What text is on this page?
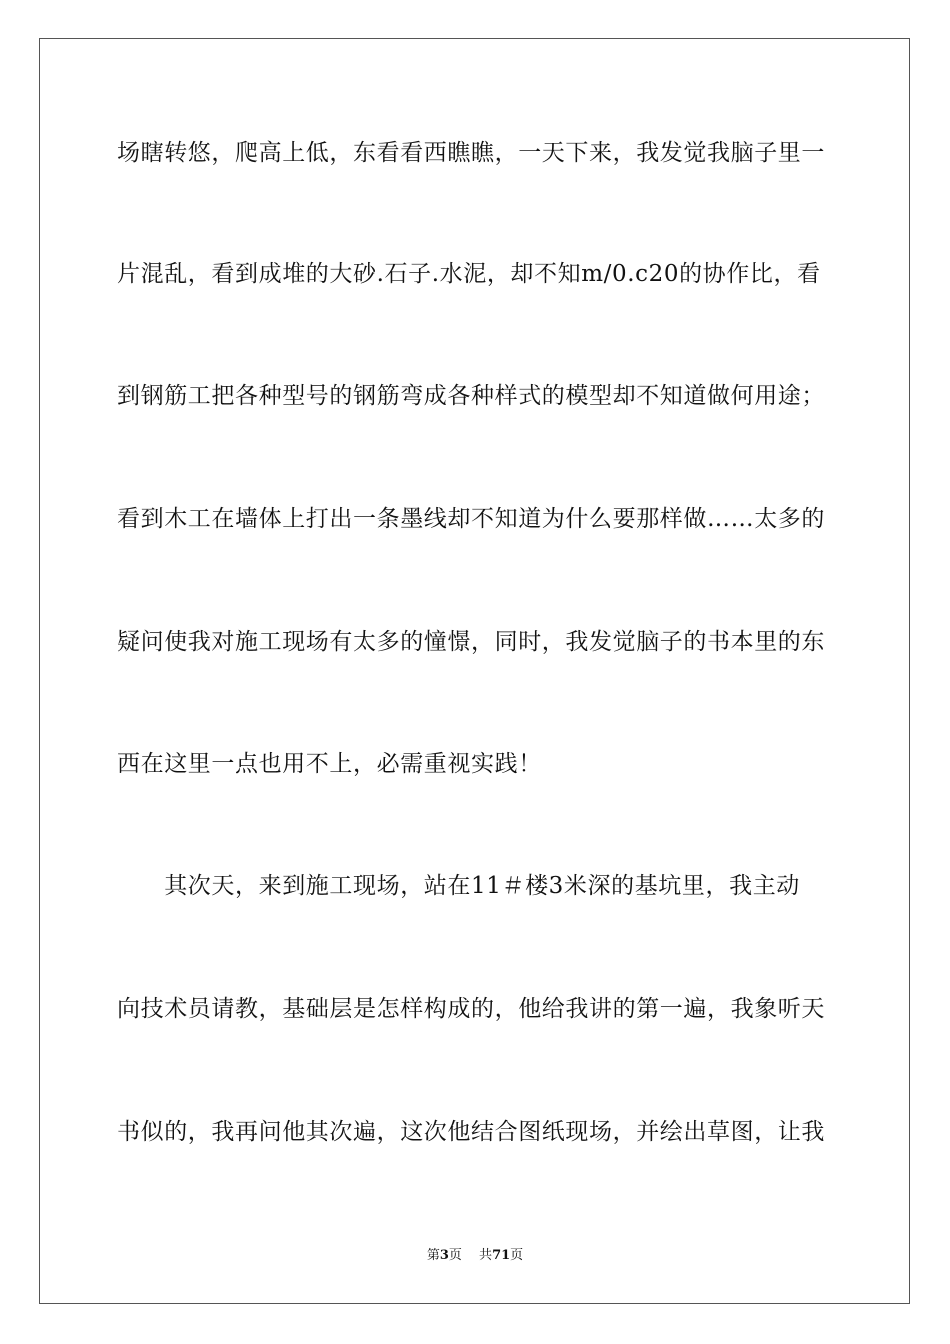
场瞎转悠，爬高上低，东看看西瞧瞧，一天下来，我发觉我脑子里一
片混乱，看到成堆的大砂.石子.水泥，却不知m/0.c20的协作比，看
到钢筋工把各种型号的钢筋弯成各种样式的模型却不知道做何用途；
看到木工在墙体上打出一条墨线却不知道为什么要那样做……太多的
疑问使我对施工现场有太多的憧憬，同时，我发觉脑子的书本里的东
西在这里一点也用不上，必需重视实践！
　　其次天，来到施工现场，站在11＃楼3米深的基坑里，我主动
向技术员请教，基础层是怎样构成的，他给我讲的第一遍，我象听天
书似的，我再问他其次遍，这次他结合图纸现场，并绘出草图，让我
第3页　 共71页
